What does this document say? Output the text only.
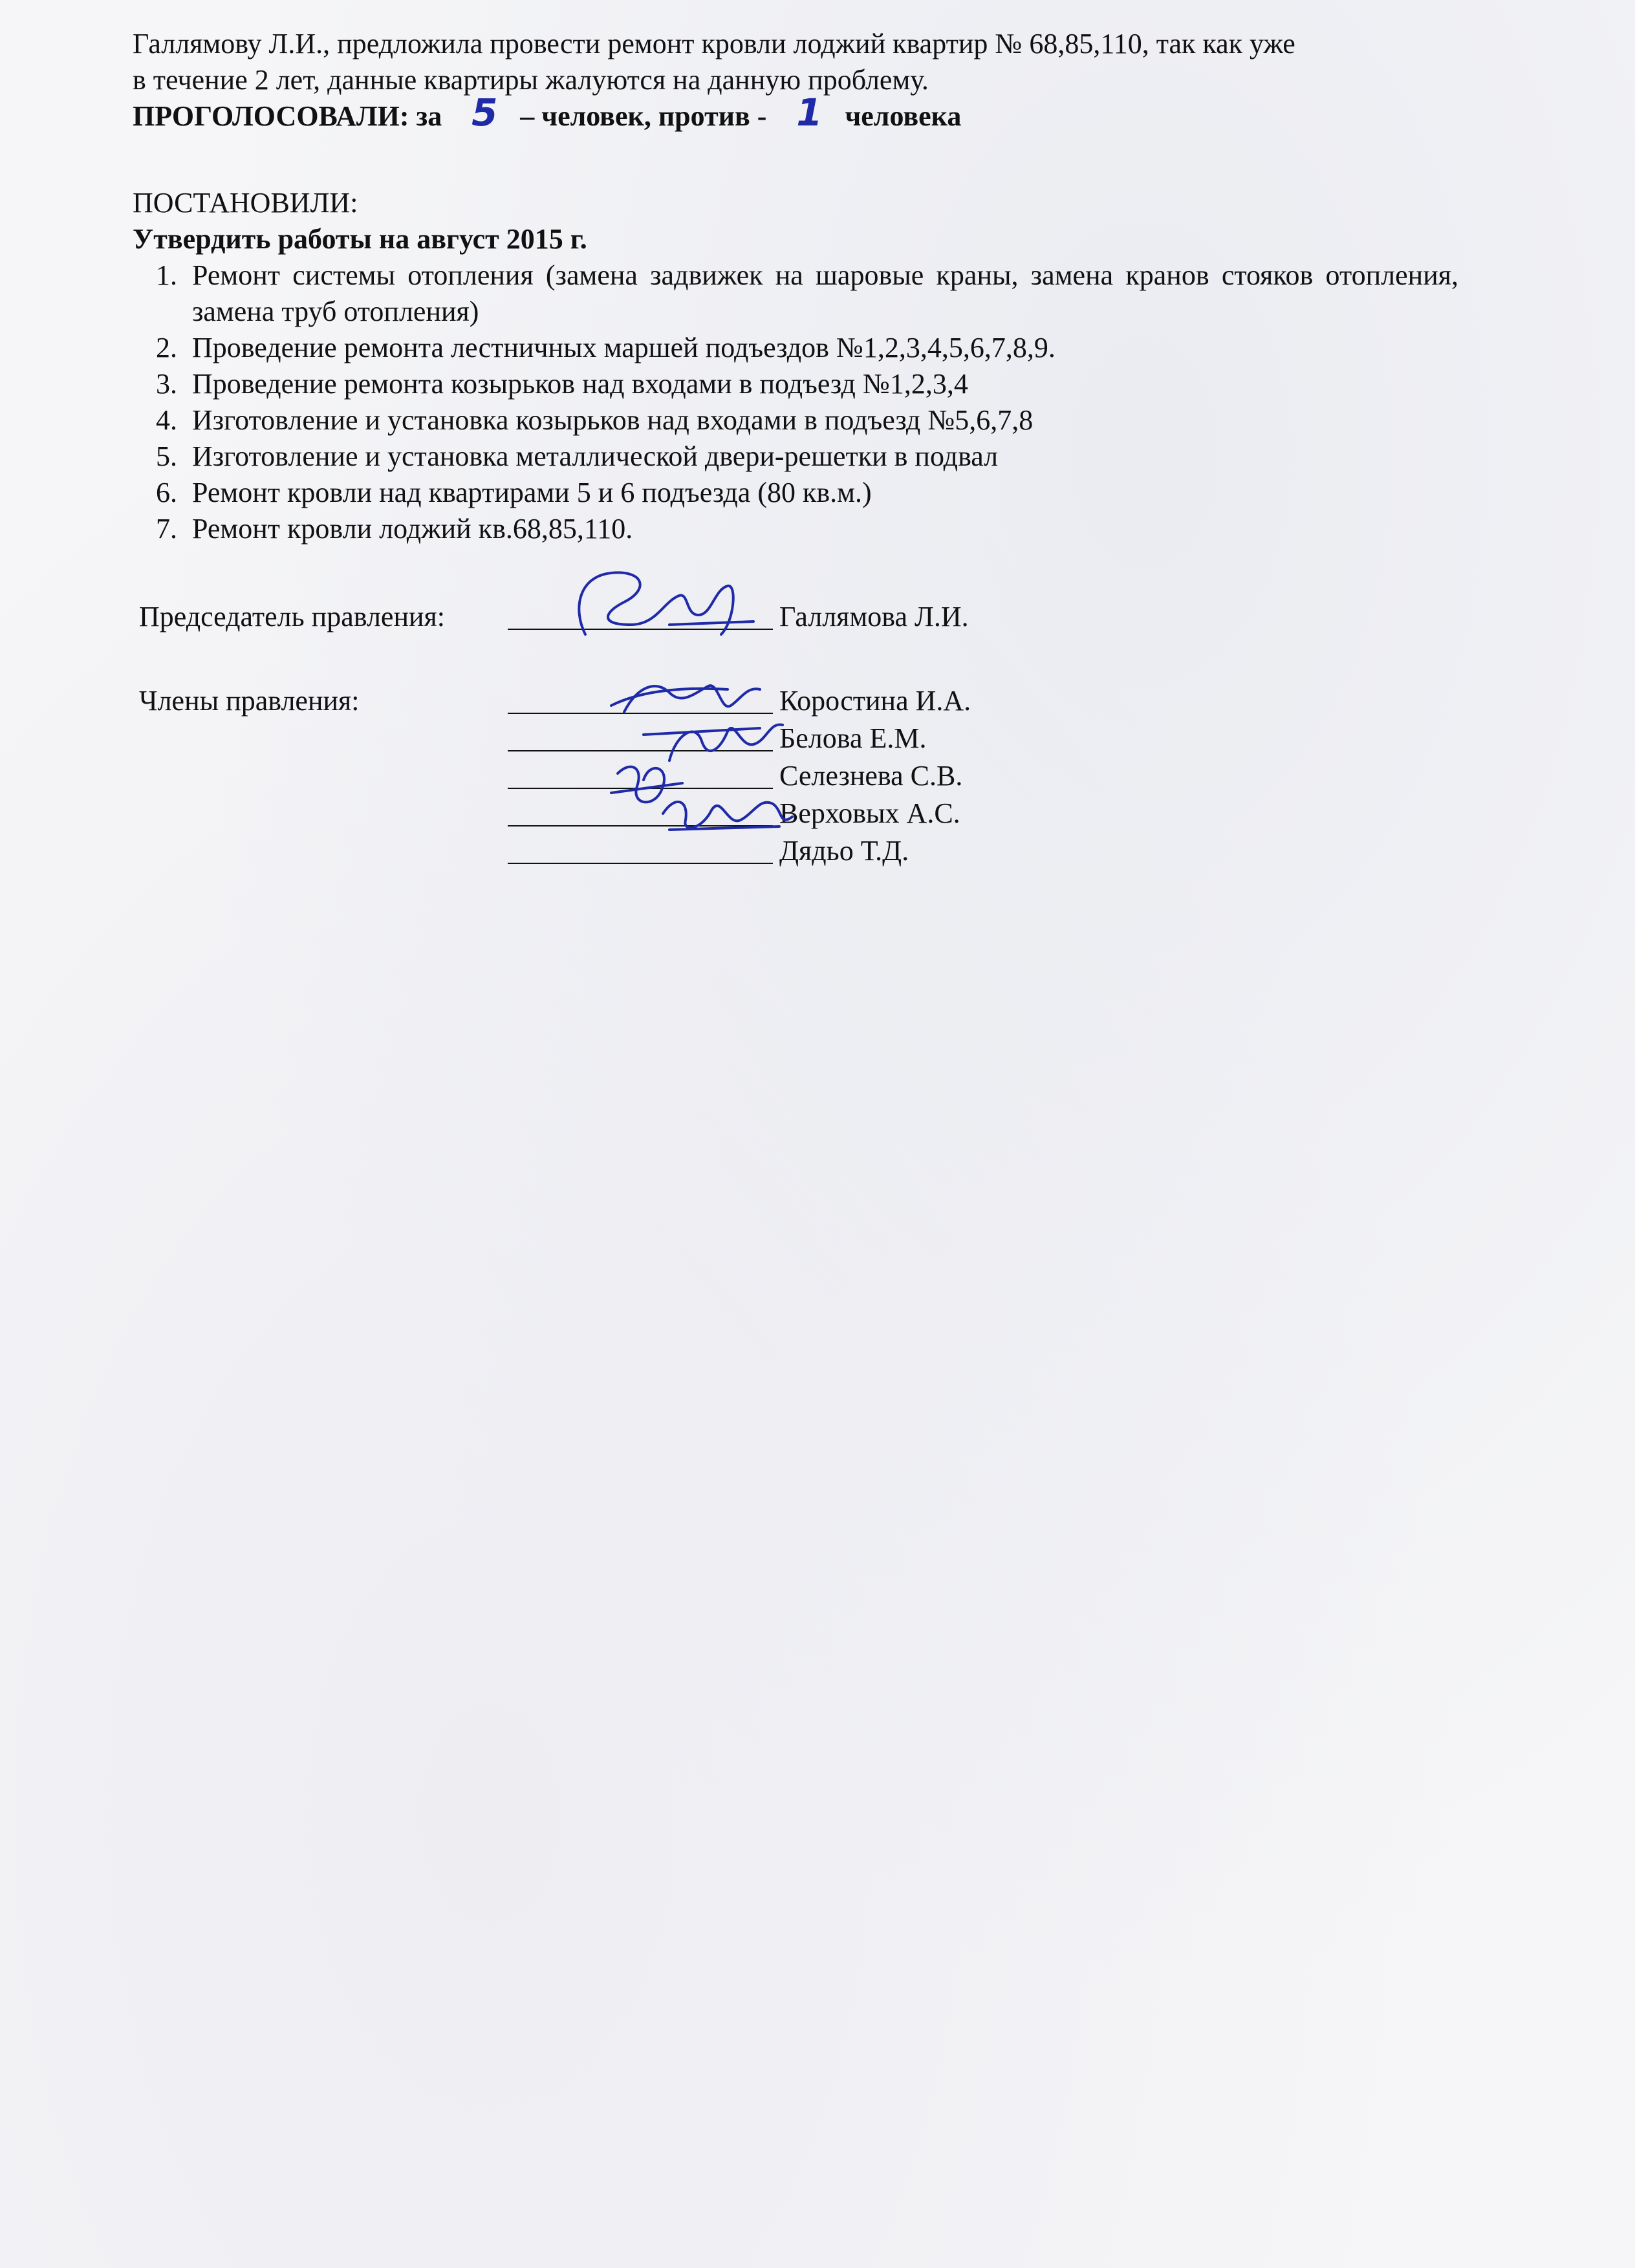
Галлямову Л.И., предложила провести ремонт кровли лоджий квартир № 68,85,110, так как уже

в течение 2 лет, данные квартиры жалуются на данную проблему.

ПРОГОЛОСОВАЛИ: за 5 – человек, против - 1 человека

ПОСТАНОВИЛИ:

Утвердить работы на август 2015 г.

1. Ремонт системы отопления (замена задвижек на шаровые краны, замена кранов стояков отопления, замена труб отопления)
2. Проведение ремонта лестничных маршей подъездов №1,2,3,4,5,6,7,8,9.
3. Проведение ремонта козырьков над входами в подъезд №1,2,3,4
4. Изготовление и установка козырьков над входами в подъезд №5,6,7,8
5. Изготовление и установка металлической двери-решетки в подвал
6. Ремонт кровли над квартирами 5 и 6 подъезда (80 кв.м.)
7. Ремонт кровли лоджий кв.68,85,110.
Председатель правления:	Галлямова Л.И.
Члены правления:	Коростина И.А.
Белова Е.М.
Селезнева С.В.
Верховых А.С.
Дядьо Т.Д.
